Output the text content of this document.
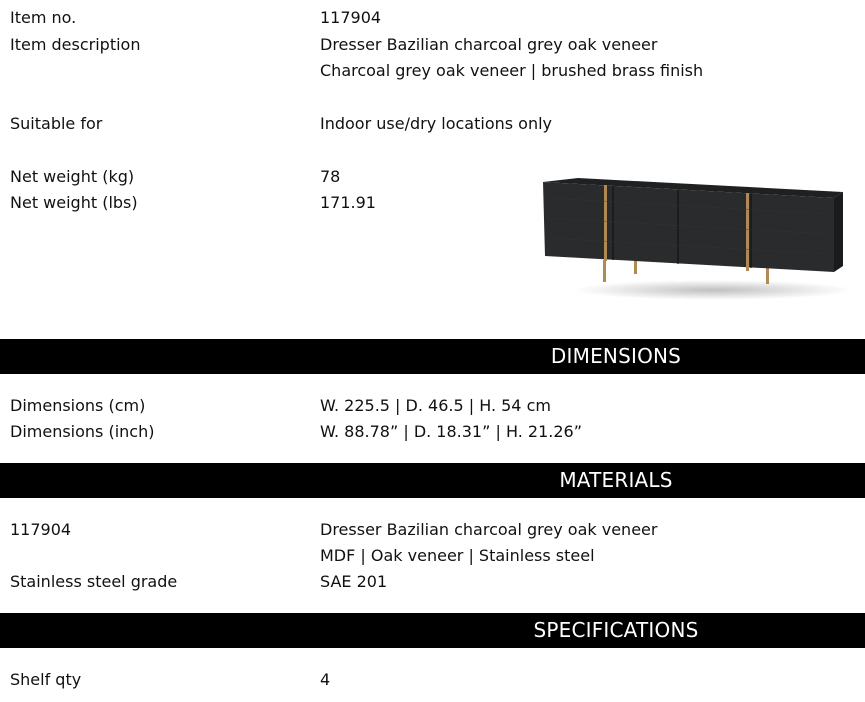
Item no.	117904
Item description	Dresser Bazilian charcoal grey oak veneer
Charcoal grey oak veneer | brushed brass finish
Suitable for	Indoor use/dry locations only
Net weight (kg)	78
Net weight (lbs)	171.91
DIMENSIONS
Dimensions (cm)	W. 225.5 | D. 46.5 | H. 54 cm
Dimensions (inch)	W. 88.78” | D. 18.31” | H. 21.26”
MATERIALS
117904	Dresser Bazilian charcoal grey oak veneer
MDF | Oak veneer | Stainless steel
Stainless steel grade	SAE 201
SPECIFICATIONS
Shelf qty	4
